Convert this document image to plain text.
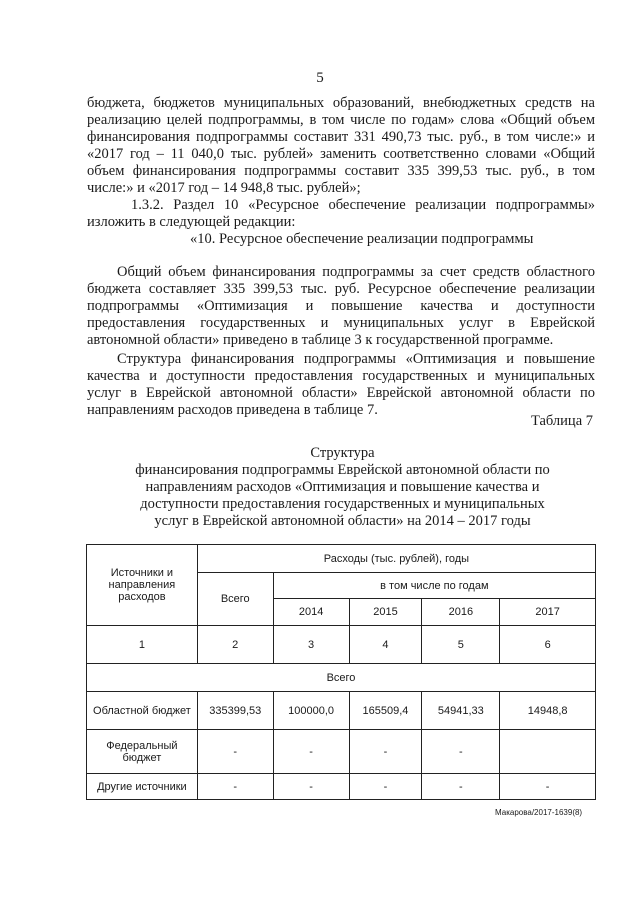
5

бюджета, бюджетов муниципальных образований, внебюджетных средств на реализацию целей подпрограммы, в том числе по годам» слова «Общий объем финансирования подпрограммы составит 331 490,73 тыс. руб., в том числе:» и «2017 год – 11 040,0 тыс. рублей» заменить соответственно словами «Общий объем финансирования подпрограммы составит 335 399,53 тыс. руб., в том числе:» и «2017 год – 14 948,8 тыс. рублей»;

1.3.2. Раздел 10 «Ресурсное обеспечение реализации подпрограммы» изложить в следующей редакции:

«10. Ресурсное обеспечение реализации подпрограммы

Общий объем финансирования подпрограммы за счет средств областного бюджета составляет 335 399,53 тыс. руб. Ресурсное обеспечение реализации подпрограммы «Оптимизация и повышение качества и доступности предоставления государственных и муниципальных услуг в Еврейской автономной области» приведено в таблице 3 к государственной программе.

Структура финансирования подпрограммы «Оптимизация и повышение качества и доступности предоставления государственных и муниципальных услуг в Еврейской автономной области» Еврейской автономной области по направлениям расходов приведена в таблице 7.

Таблица 7
Структура
финансирования подпрограммы Еврейской автономной области по
направлениям расходов «Оптимизация и повышение качества и
доступности предоставления государственных и муниципальных
услуг в Еврейской автономной области» на 2014 – 2017 годы
Источники и
направления
расходов	Расходы (тыс. рублей), годы				
	Всего	в том числе по годам			
		2014	2015	2016	2017
1	2	3	4	5	6
Всего					
Областной бюджет	335399,53	100000,0	165509,4	54941,33	14948,8

Федеральный
бюджет	-	-	-	-	
Другие источники	-	-	-	-	-
Макарова/2017-1639(8)
